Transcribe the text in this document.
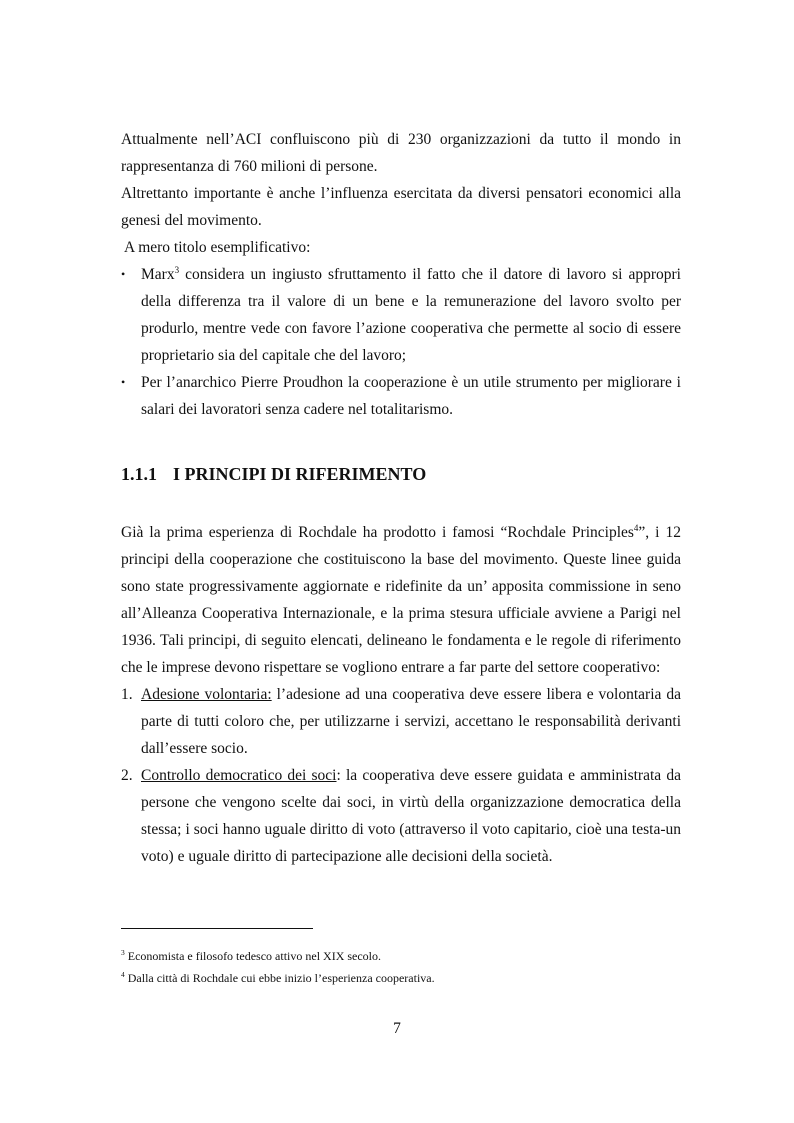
Attualmente nell’ACI confluiscono più di 230 organizzazioni da tutto il mondo in rappresentanza di 760 milioni di persone.

Altrettanto importante è anche l’influenza esercitata da diversi pensatori economici alla genesi del movimento.

A mero titolo esemplificativo:

• Marx$^3$ considera un ingiusto sfruttamento il fatto che il datore di lavoro si appropri della differenza tra il valore di un bene e la remunerazione del lavoro svolto per produrlo, mentre vede con favore l’azione cooperativa che permette al socio di essere proprietario sia del capitale che del lavoro;
• Per l’anarchico Pierre Proudhon la cooperazione è un utile strumento per migliorare i salari dei lavoratori senza cadere nel totalitarismo.
1.1.1 I PRINCIPI DI RIFERIMENTO

Già la prima esperienza di Rochdale ha prodotto i famosi “Rochdale Principles$^4$”, i 12 principi della cooperazione che costituiscono la base del movimento. Queste linee guida sono state progressivamente aggiornate e ridefinite da un’ apposita commissione in seno all’Alleanza Cooperativa Internazionale, e la prima stesura ufficiale avviene a Parigi nel 1936. Tali principi, di seguito elencati, delineano le fondamenta e le regole di riferimento che le imprese devono rispettare se vogliono entrare a far parte del settore cooperativo:

1. Adesione volontaria: l’adesione ad una cooperativa deve essere libera e volontaria da parte di tutti coloro che, per utilizzarne i servizi, accettano le responsabilità derivanti dall’essere socio.
2. Controllo democratico dei soci: la cooperativa deve essere guidata e amministrata da persone che vengono scelte dai soci, in virtù della organizzazione democratica della stessa; i soci hanno uguale diritto di voto (attraverso il voto capitario, cioè una testa-un voto) e uguale diritto di partecipazione alle decisioni della società.
$^3$ Economista e filosofo tedesco attivo nel XIX secolo.
$^4$ Dalla città di Rochdale cui ebbe inizio l’esperienza cooperativa.
7
